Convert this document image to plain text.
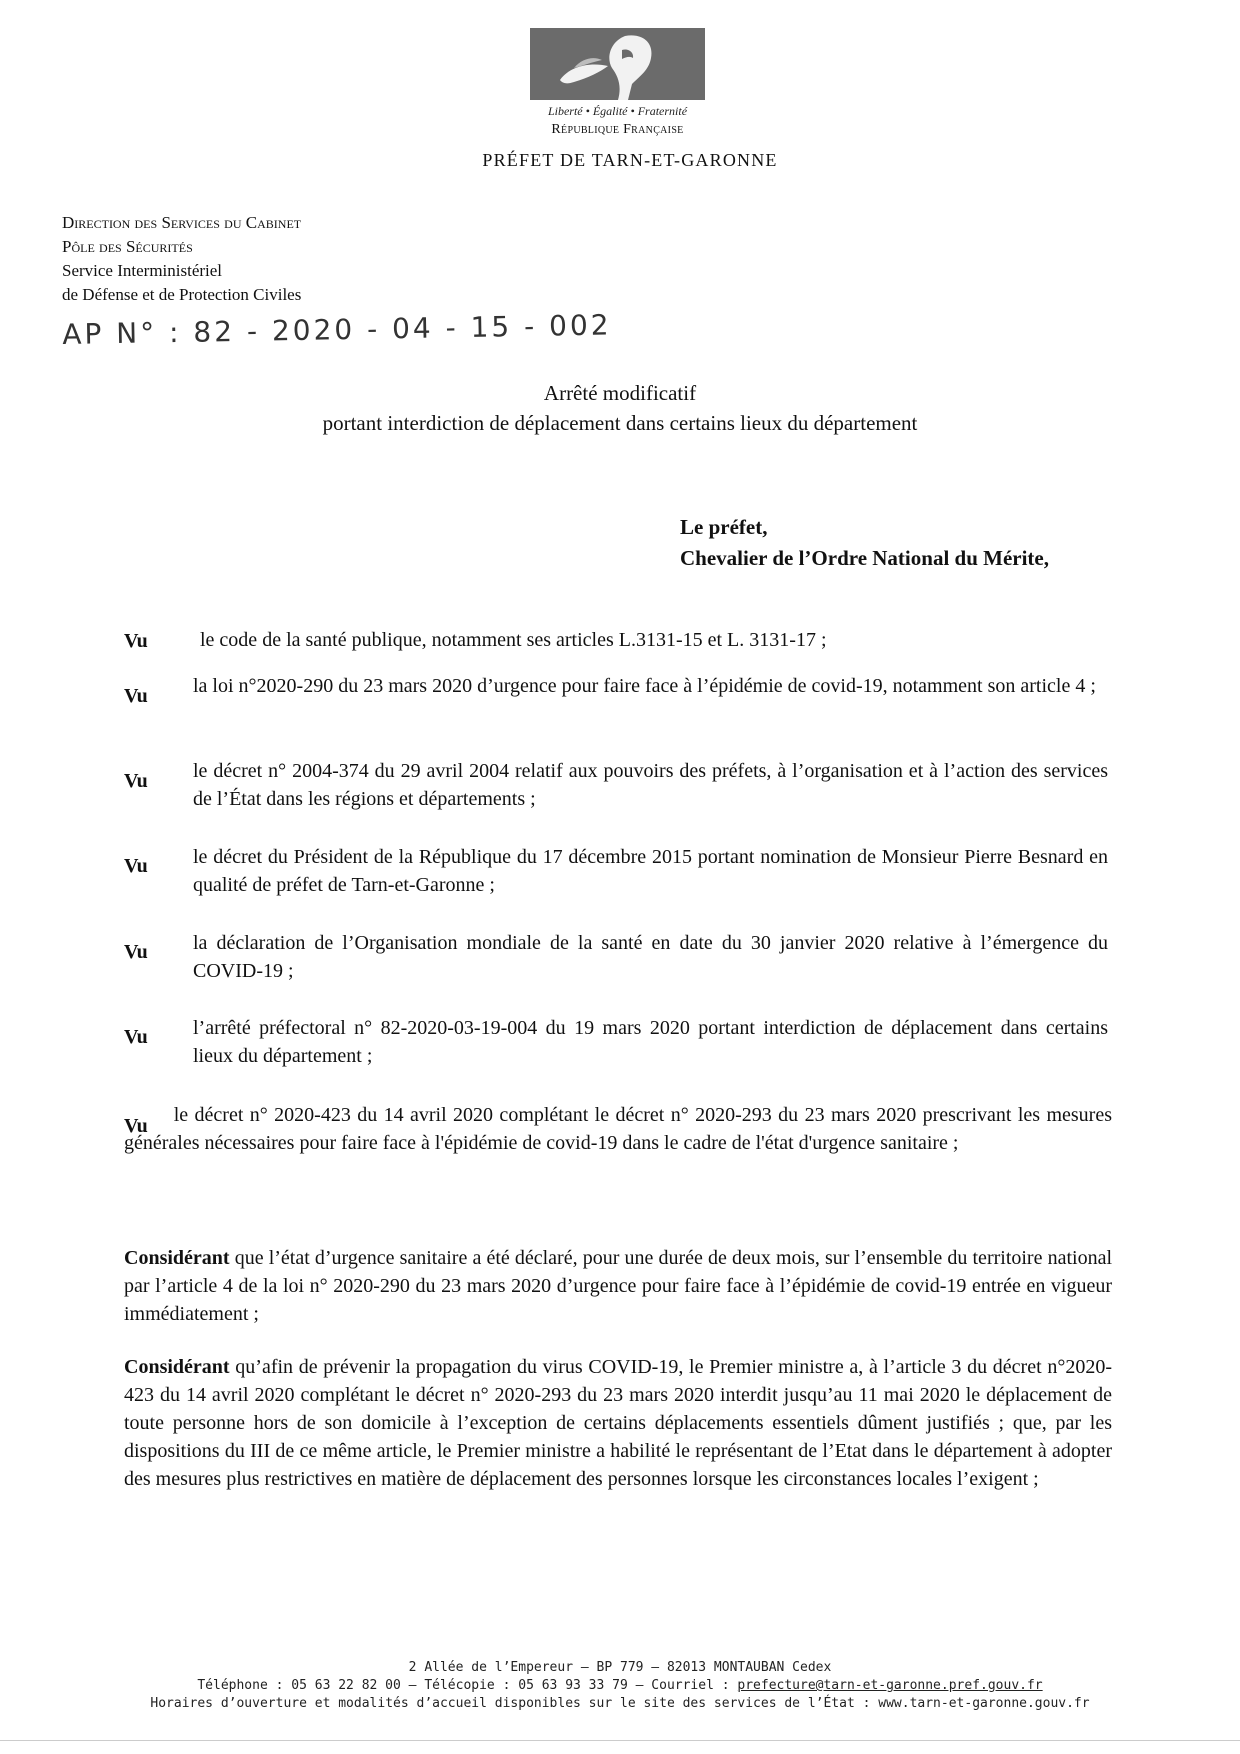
Liberté • Égalité • Fraternité
République Française
PRÉFET DE TARN-ET-GARONNE
Direction des Services du Cabinet
Pôle des Sécurités
Service Interministériel
de Défense et de Protection Civiles
AP N° : 82 - 2020 - 04 - 15 - 002
Arrêté modificatif
portant interdiction de déplacement dans certains lieux du département
Le préfet,
Chevalier de l’Ordre National du Mérite,
Vu	le code de la santé publique, notamment ses articles L.3131-15 et L. 3131-17 ;
Vu la loi n°2020-290 du 23 mars 2020 d’urgence pour faire face à l’épidémie de covid-19, notamment son article 4 ;
Vu le décret n° 2004-374 du 29 avril 2004 relatif aux pouvoirs des préfets, à l’organisation et à l’action des services de l’État dans les régions et départements ;
Vu le décret du Président de la République du 17 décembre 2015 portant nomination de Monsieur Pierre Besnard en qualité de préfet de Tarn-et-Garonne ;
Vu la déclaration de l’Organisation mondiale de la santé en date du 30 janvier 2020 relative à l’émergence du COVID-19 ;
Vu l’arrêté préfectoral n° 82-2020-03-19-004 du 19 mars 2020 portant interdiction de déplacement dans certains lieux du département ;
Vu le décret n° 2020-423 du 14 avril 2020 complétant le décret n° 2020-293 du 23 mars 2020 prescrivant les mesures générales nécessaires pour faire face à l'épidémie de covid-19 dans le cadre de l'état d'urgence sanitaire ;
Considérant que l’état d’urgence sanitaire a été déclaré, pour une durée de deux mois, sur l’ensemble du territoire national par l’article 4 de la loi n° 2020-290 du 23 mars 2020 d’urgence pour faire face à l’épidémie de covid-19 entrée en vigueur immédiatement ;
Considérant qu’afin de prévenir la propagation du virus COVID-19, le Premier ministre a, à l’article 3 du décret n°2020-423 du 14 avril 2020 complétant le décret n° 2020-293 du 23 mars 2020 interdit jusqu’au 11 mai 2020 le déplacement de toute personne hors de son domicile à l’exception de certains déplacements essentiels dûment justifiés ; que, par les dispositions du III de ce même article, le Premier ministre a habilité le représentant de l’Etat dans le département à adopter des mesures plus restrictives en matière de déplacement des personnes lorsque les circonstances locales l’exigent ;
2 Allée de l’Empereur – BP 779 – 82013 MONTAUBAN Cedex
Téléphone : 05 63 22 82 00 – Télécopie : 05 63 93 33 79 – Courriel : prefecture@tarn-et-garonne.pref.gouv.fr
Horaires d’ouverture et modalités d’accueil disponibles sur le site des services de l’État : www.tarn-et-garonne.gouv.fr
